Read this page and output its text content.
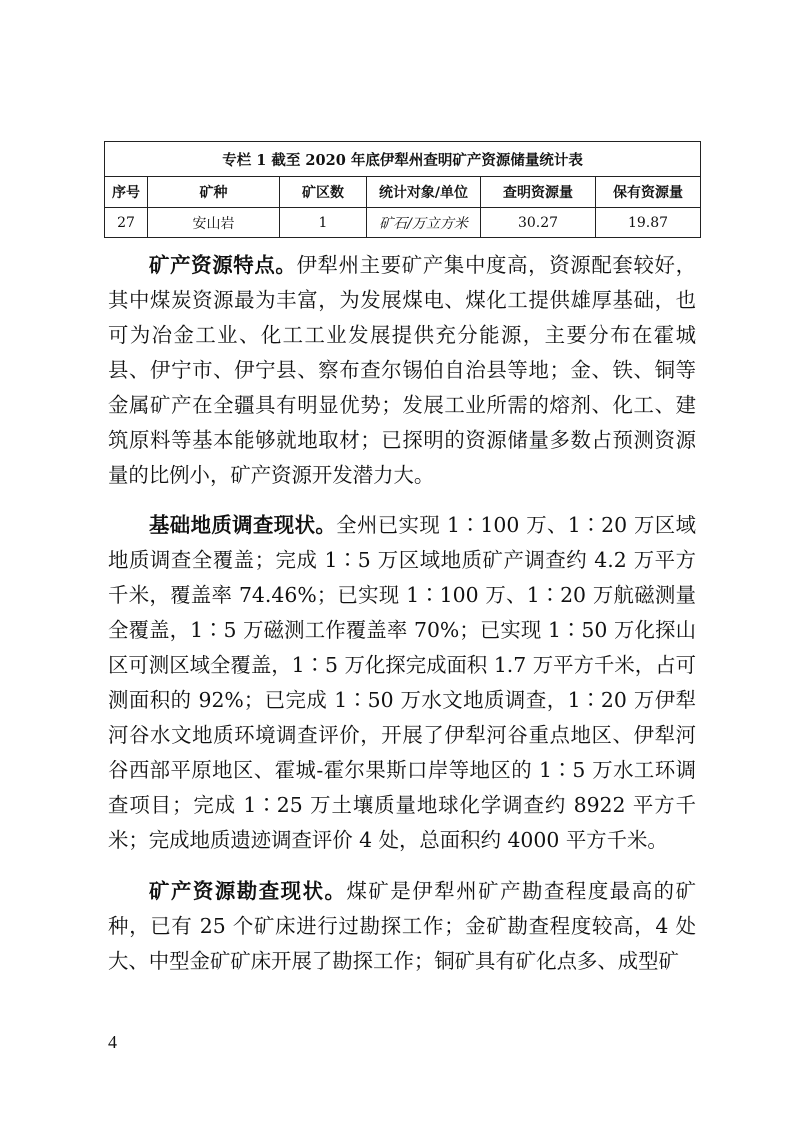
专栏 1 截至 2020 年底伊犁州查明矿产资源储量统计表					
序号	矿种	矿区数	统计对象/单位	查明资源量	保有资源量
27	安山岩	1	矿石/万立方米	30.27	19.87

矿产资源特点。伊犁州主要矿产集中度高，资源配套较好，其中煤炭资源最为丰富，为发展煤电、煤化工提供雄厚基础，也可为冶金工业、化工工业发展提供充分能源，主要分布在霍城县、伊宁市、伊宁县、察布查尔锡伯自治县等地；金、铁、铜等金属矿产在全疆具有明显优势；发展工业所需的熔剂、化工、建筑原料等基本能够就地取材；已探明的资源储量多数占预测资源量的比例小，矿产资源开发潜力大。

基础地质调查现状。全州已实现 1∶100 万、1∶20 万区域地质调查全覆盖；完成 1∶5 万区域地质矿产调查约 4.2 万平方千米，覆盖率 74.46%；已实现 1∶100 万、1∶20 万航磁测量全覆盖，1∶5 万磁测工作覆盖率 70%；已实现 1∶50 万化探山区可测区域全覆盖，1∶5 万化探完成面积 1.7 万平方千米，占可测面积的 92%；已完成 1∶50 万水文地质调查，1∶20 万伊犁河谷水文地质环境调查评价，开展了伊犁河谷重点地区、伊犁河谷西部平原地区、霍城-霍尔果斯口岸等地区的 1∶5 万水工环调查项目；完成 1∶25 万土壤质量地球化学调查约 8922 平方千米；完成地质遗迹调查评价 4 处，总面积约 4000 平方千米。

矿产资源勘查现状。煤矿是伊犁州矿产勘查程度最高的矿种，已有 25 个矿床进行过勘探工作；金矿勘查程度较高，4 处大、中型金矿矿床开展了勘探工作；铜矿具有矿化点多、成型矿

4
